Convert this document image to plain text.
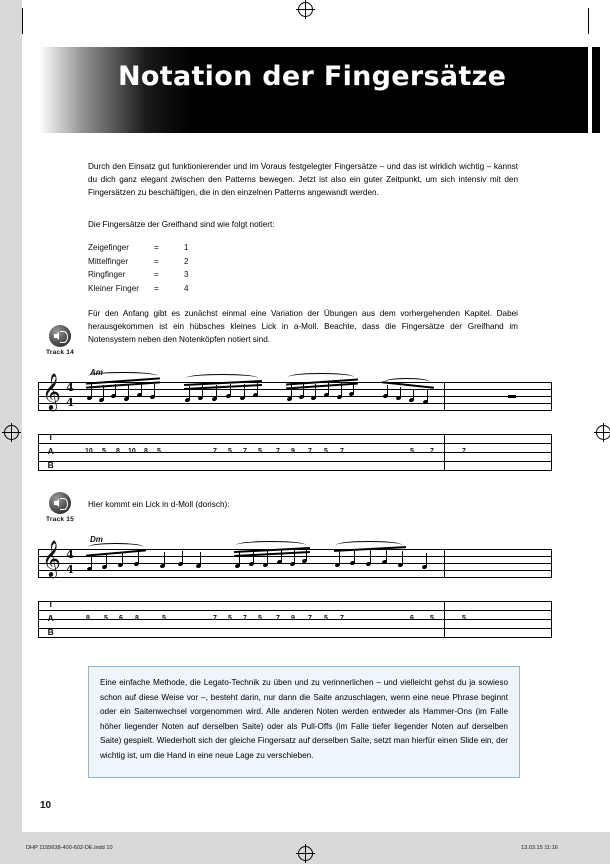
Notation der Fingersätze
Durch den Einsatz gut funktionierender und im Voraus festgelegter Fingersätze – und das ist wirklich wichtig – kannst du dich ganz elegant zwischen den Patterns bewegen. Jetzt ist also ein guter Zeitpunkt, um sich intensiv mit den Fingersätzen zu beschäftigen, die in den einzelnen Patterns angewandt werden.
Die Fingersätze der Greifhand sind wie folgt notiert:
Zeigefinger	=	1
Mittelfinger	=	2
Ringfinger	=	3
Kleiner Finger	=	4
Für den Anfang gibt es zunächst einmal eine Variation der Übungen aus dem vorhergehenden Kapitel. Dabei herausgekommen ist ein hübsches kleines Lick in a-Moll. Beachte, dass die Fingersätze der Greifhand im Notensystem neben den Notenköpfen notiert sind.
Track 14
Am
𝄞 4
4
T
A
B
10 5 8 10 8 5	7 5 7 5 7 9 7 5 7	5 7	7
Hier kommt ein Lick in d-Moll (dorisch):
Track 15
Dm
𝄞 4
4
T
A
B
8 5 6 8	5	7 5 7 5 7 9 7 5 7	6 5	5
Eine einfache Methode, die Legato-Technik zu üben und zu verinnerlichen – und vielleicht gehst du ja sowieso schon auf diese Weise vor –, besteht darin, nur dann die Saite anzuschlagen, wenn eine neue Phrase beginnt oder ein Saitenwechsel vorgenommen wird. Alle anderen Noten werden entweder als Hammer-Ons (im Falle höher liegender Noten auf derselben Saite) oder als Pull-Offs (im Falle tiefer liegender Noten auf derselben Saite) gespielt. Wiederholt sich der gleiche Fingersatz auf derselben Saite, setzt man hierfür einen Slide ein, der wichtig ist, um die Hand in eine neue Lage zu verschieben.
10
DHP 1155638-400-602-DE.indd 10	13.03.15 11:16
